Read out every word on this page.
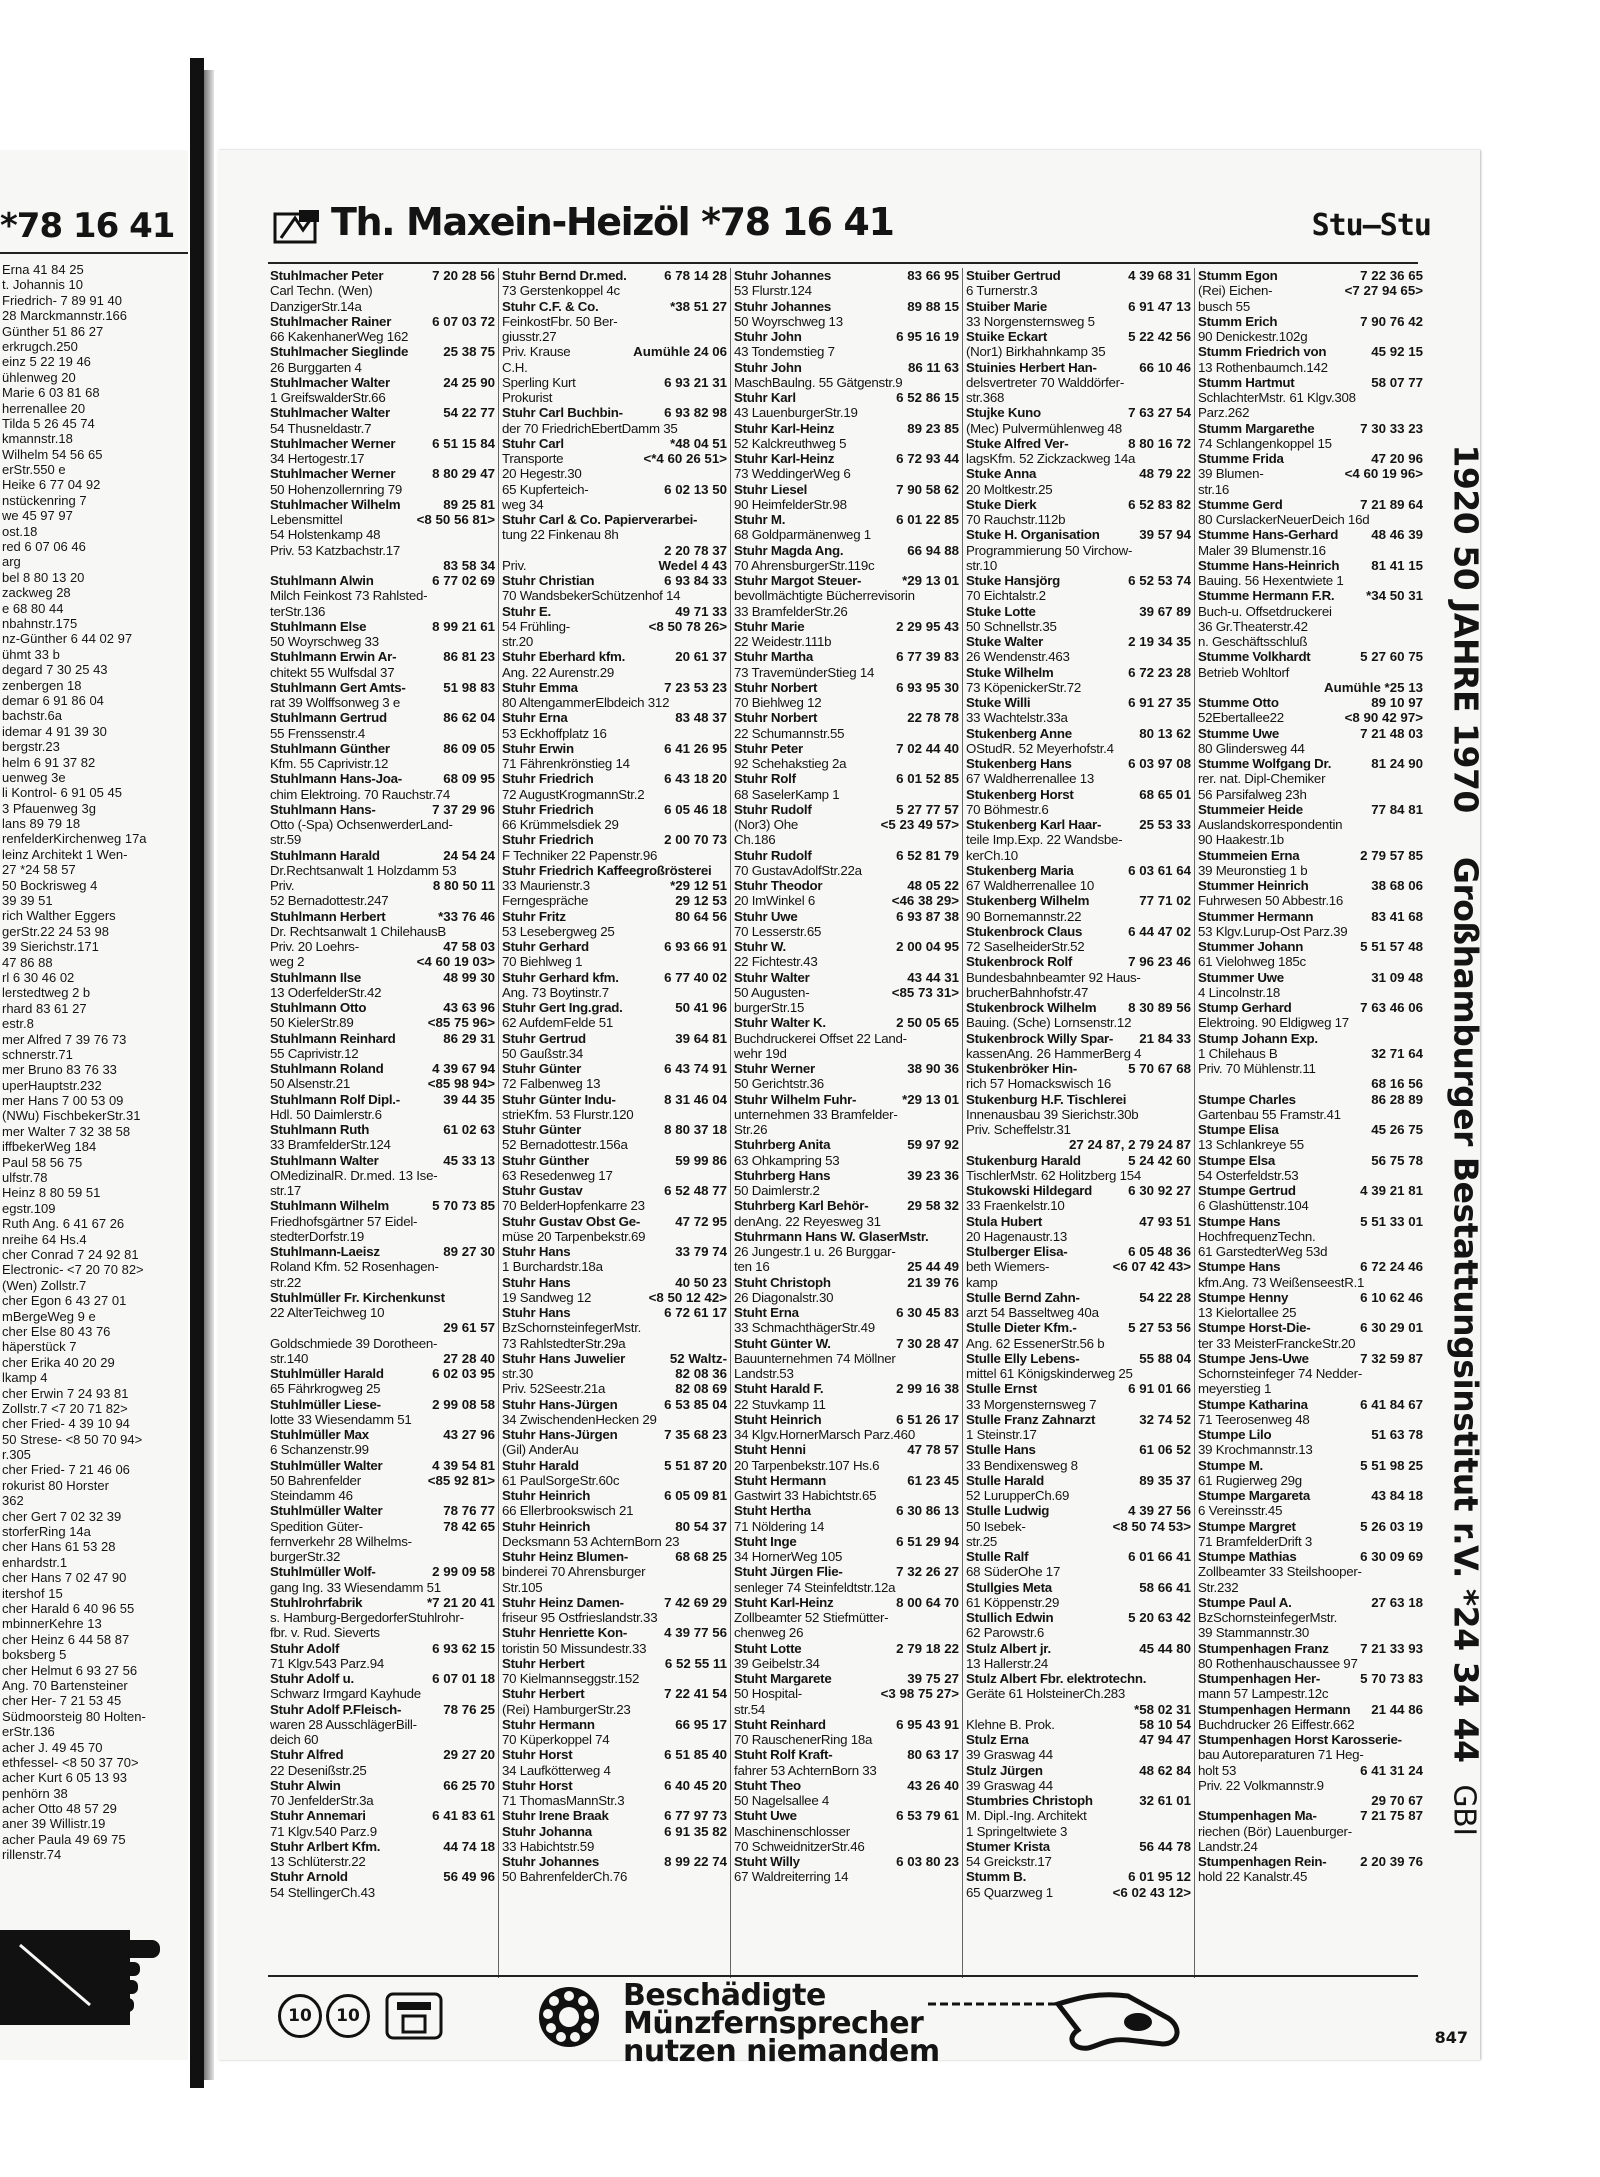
*78 16 41
Erna 41 84 25
t. Johannis 10
Friedrich- 7 89 91 40
28 Marckmannstr.166
Günther 51 86 27
erkrugch.250
einz 5 22 19 46
ühlenweg 20
Marie 6 03 81 68
herrenallee 20
Tilda 5 26 45 74
kmannstr.18
Wilhelm 54 56 65
erStr.550 e
Heike 6 77 04 92
nstückenring 7
we 45 97 97
ost.18
red 6 07 06 46
arg
bel 8 80 13 20
zackweg 28
e 68 80 44
nbahnstr.175
nz-Günther 6 44 02 97
ühmt 33 b
degard 7 30 25 43
zenbergen 18
demar 6 91 86 04
bachstr.6a
idemar 4 91 39 30
bergstr.23
helm 6 91 37 82
uenweg 3e
li Kontrol- 6 91 05 45
3 Pfauenweg 3g
lans 89 79 18
renfelderKirchenweg 17a
leinz Architekt 1 Wen-
27 *24 58 57
50 Bockrisweg 4
39 39 51
rich Walther Eggers
gerStr.22 24 53 98
39 Sierichstr.171
47 86 88
rl 6 30 46 02
lerstedtweg 2 b
rhard 83 61 27
estr.8
mer Alfred 7 39 76 73
schnerstr.71
mer Bruno 83 76 33
uperHauptstr.232
mer Hans 7 00 53 09
(NWu) FischbekerStr.31
mer Walter 7 32 38 58
iffbekerWeg 184
Paul 58 56 75
ulfstr.78
Heinz 8 80 59 51
egstr.109
Ruth Ang. 6 41 67 26
nreihe 64 Hs.4
cher Conrad 7 24 92 81
Electronic- <7 20 70 82>
(Wen) Zollstr.7
cher Egon 6 43 27 01
mBergeWeg 9 e
cher Else 80 43 76
häperstück 7
cher Erika 40 20 29
lkamp 4
cher Erwin 7 24 93 81
Zollstr.7 <7 20 71 82>
cher Fried- 4 39 10 94
50 Strese- <8 50 70 94>
r.305
cher Fried- 7 21 46 06
rokurist 80 Horster
362
cher Gert 7 02 32 39
storferRing 14a
cher Hans 61 53 28
enhardstr.1
cher Hans 7 02 47 90
itershof 15
cher Harald 6 40 96 55
mbinnerKehre 13
cher Heinz 6 44 58 87
boksberg 5
cher Helmut 6 93 27 56
Ang. 70 Bartensteiner
cher Her- 7 21 53 45
Südmoorsteig 80 Holten-
erStr.136
acher J. 49 45 70
ethfessel- <8 50 37 70>
acher Kurt 6 05 13 93
penhörn 38
acher Otto 48 57 29
aner 39 Willistr.19
acher Paula 49 69 75
rillenstr.74
Th. Maxein-Heizöl *78 16 41	Stu–Stu
Stuhlmacher Peter	7 20 28 56
Carl Techn. (Wen)
DanzigerStr.14a
Stuhlmacher Rainer	6 07 03 72
66 KakenhanerWeg 162
Stuhlmacher Sieglinde	25 38 75
26 Burggarten 4
Stuhlmacher Walter	24 25 90
1 GreifswalderStr.66
Stuhlmacher Walter	54 22 77
54 Thusneldastr.7
Stuhlmacher Werner	6 51 15 84
34 Hertogestr.17
Stuhlmacher Werner	8 80 29 47
50 Hohenzollernring 79
Stuhlmacher Wilhelm	89 25 81
Lebensmittel	<8 50 56 81>
54 Holstenkamp 48
Priv. 53 Katzbachstr.17
83 58 34
Stuhlmann Alwin	6 77 02 69
Milch Feinkost 73 Rahlsted-
terStr.136
Stuhlmann Else	8 99 21 61
50 Woyrschweg 33
Stuhlmann Erwin Ar-	86 81 23
chitekt 55 Wulfsdal 37
Stuhlmann Gert Amts-	51 98 83
rat 39 Wolffsonweg 3 e
Stuhlmann Gertrud	86 62 04
55 Frenssenstr.4
Stuhlmann Günther	86 09 05
Kfm. 55 Caprivistr.12
Stuhlmann Hans-Joa-	68 09 95
chim Elektroing. 70 Rauchstr.74
Stuhlmann Hans-	7 37 29 96
Otto (-Spa) OchsenwerderLand-
str.59
Stuhlmann Harald	24 54 24
Dr.Rechtsanwalt 1 Holzdamm 53
Priv.	8 80 50 11
52 Bernadottestr.247
Stuhlmann Herbert	*33 76 46
Dr. Rechtsanwalt 1 ChilehausB
Priv. 20 Loehrs-	47 58 03
weg 2	<4 60 19 03>
Stuhlmann Ilse	48 99 30
13 OderfelderStr.42
Stuhlmann Otto	43 63 96
50 KielerStr.89	<85 75 96>
Stuhlmann Reinhard	86 29 31
55 Caprivistr.12
Stuhlmann Roland	4 39 67 94
50 Alsenstr.21	<85 98 94>
Stuhlmann Rolf Dipl.-	39 44 35
Hdl. 50 Daimlerstr.6
Stuhlmann Ruth	61 02 63
33 BramfelderStr.124
Stuhlmann Walter	45 33 13
OMedizinalR. Dr.med. 13 Ise-
str.17
Stuhlmann Wilhelm	5 70 73 85
Friedhofsgärtner 57 Eidel-
stedterDorfstr.19
Stuhlmann-Laeisz	89 27 30
Roland Kfm. 52 Rosenhagen-
str.22
Stuhlmüller Fr. Kirchenkunst
22 AlterTeichweg 10
29 61 57
Goldschmiede 39 Dorotheen-
str.140	27 28 40
Stuhlmüller Harald	6 02 03 95
65 Fährkrogweg 25
Stuhlmüller Liese-	2 99 08 58
lotte 33 Wiesendamm 51
Stuhlmüller Max	43 27 96
6 Schanzenstr.99
Stuhlmüller Walter	4 39 54 81
50 Bahrenfelder	<85 92 81>
Steindamm 46
Stuhlmüller Walter	78 76 77
Spedition Güter-	78 42 65
fernverkehr 28 Wilhelms-
burgerStr.32
Stuhlmüller Wolf-	2 99 09 58
gang Ing. 33 Wiesendamm 51
Stuhlrohrfabrik	*7 21 20 41
s. Hamburg-BergedorferStuhlrohr-
fbr. v. Rud. Sieverts
Stuhr Adolf	6 93 62 15
71 Klgv.543 Parz.94
Stuhr Adolf u.	6 07 01 18
Schwarz Irmgard Kayhude
Stuhr Adolf P.Fleisch-	78 76 25
waren 28 AusschlägerBill-
deich 60
Stuhr Alfred	29 27 20
22 Desenißstr.25
Stuhr Alwin	66 25 70
70 JenfelderStr.3a
Stuhr Annemari	6 41 83 61
71 Klgv.540 Parz.9
Stuhr Arlbert Kfm.	44 74 18
13 Schlüterstr.22
Stuhr Arnold	56 49 96
54 StellingerCh.43
Stuhr Bernd Dr.med.	6 78 14 28
73 Gerstenkoppel 4c
Stuhr C.F. & Co.	*38 51 27
FeinkostFbr. 50 Ber-
giusstr.27
Priv. Krause	Aumühle 24 06
C.H.
Sperling Kurt	6 93 21 31
Prokurist
Stuhr Carl Buchbin-	6 93 82 98
der 70 FriedrichEbertDamm 35
Stuhr Carl	*48 04 51
Transporte	<*4 60 26 51>
20 Hegestr.30
65 Kupferteich-	6 02 13 50
weg 34
Stuhr Carl & Co. Papierverarbei-
tung 22 Finkenau 8h
2 20 78 37
Priv.	Wedel 4 43
Stuhr Christian	6 93 84 33
70 WandsbekerSchützenhof 14
Stuhr E.	49 71 33
54 Frühling-	<8 50 78 26>
str.20
Stuhr Eberhard kfm.	20 61 37
Ang. 22 Aurenstr.29
Stuhr Emma	7 23 53 23
80 AltengammerElbdeich 312
Stuhr Erna	83 48 37
53 Eckhoffplatz 16
Stuhr Erwin	6 41 26 95
71 Fährenkrönstieg 14
Stuhr Friedrich	6 43 18 20
72 AugustKrogmannStr.2
Stuhr Friedrich	6 05 46 18
66 Krümmelsdiek 29
Stuhr Friedrich	2 00 70 73
F Techniker 22 Papenstr.96
Stuhr Friedrich Kaffeegroßrösterei
33 Maurienstr.3	*29 12 51
Ferngespräche	29 12 53
Stuhr Fritz	80 64 56
53 Lesebergweg 25
Stuhr Gerhard	6 93 66 91
70 Biehlweg 1
Stuhr Gerhard kfm.	6 77 40 02
Ang. 73 Boytinstr.7
Stuhr Gert Ing.grad.	50 41 96
62 AufdemFelde 51
Stuhr Gertrud	39 64 81
50 Gaußstr.34
Stuhr Günter	6 43 74 91
72 Falbenweg 13
Stuhr Günter Indu-	8 31 46 04
strieKfm. 53 Flurstr.120
Stuhr Günter	8 80 37 18
52 Bernadottestr.156a
Stuhr Günther	59 99 86
63 Resedenweg 17
Stuhr Gustav	6 52 48 77
70 BelderHopfenkarre 23
Stuhr Gustav Obst Ge-	47 72 95
müse 20 Tarpenbekstr.69
Stuhr Hans	33 79 74
1 Burchardstr.18a
Stuhr Hans	40 50 23
19 Sandweg 12	<8 50 12 42>
Stuhr Hans	6 72 61 17
BzSchornsteinfegerMstr.
73 RahlstedterStr.29a
Stuhr Hans Juwelier	52 Waltz-
str.30	82 08 36
Priv. 52Seestr.21a	82 08 69
Stuhr Hans-Jürgen	6 53 85 04
34 ZwischendenHecken 29
Stuhr Hans-Jürgen	7 35 68 23
(Gil) AnderAu
Stuhr Harald	5 51 87 20
61 PaulSorgeStr.60c
Stuhr Heinrich	6 05 09 81
66 Ellerbrookswisch 21
Stuhr Heinrich	80 54 37
Decksmann 53 AchternBorn 23
Stuhr Heinz Blumen-	68 68 25
binderei 70 Ahrensburger
Str.105
Stuhr Heinz Damen-	7 42 69 29
friseur 95 Ostfrieslandstr.33
Stuhr Henriette Kon-	4 39 77 56
toristin 50 Missundestr.33
Stuhr Herbert	6 52 55 11
70 Kielmannseggstr.152
Stuhr Herbert	7 22 41 54
(Rei) HamburgerStr.23
Stuhr Hermann	66 95 17
70 Küperkoppel 74
Stuhr Horst	6 51 85 40
34 Laufkötterweg 4
Stuhr Horst	6 40 45 20
71 ThomasMannStr.3
Stuhr Irene Braak	6 77 97 73
Stuhr Johanna	6 91 35 82
33 Habichtstr.59
Stuhr Johannes	8 99 22 74
50 BahrenfelderCh.76
Stuhr Johannes	83 66 95
53 Flurstr.124
Stuhr Johannes	89 88 15
50 Woyrschweg 13
Stuhr John	6 95 16 19
43 Tondemstieg 7
Stuhr John	86 11 63
MaschBaulng. 55 Gätgenstr.9
Stuhr Karl	6 52 86 15
43 LauenburgerStr.19
Stuhr Karl-Heinz	89 23 85
52 Kalckreuthweg 5
Stuhr Karl-Heinz	6 72 93 44
73 WeddingerWeg 6
Stuhr Liesel	7 90 58 62
90 HeimfelderStr.98
Stuhr M.	6 01 22 85
68 Goldparmänenweg 1
Stuhr Magda Ang.	66 94 88
70 AhrensburgerStr.119c
Stuhr Margot Steuer-	*29 13 01
bevollmächtigte Bücherrevisorin
33 BramfelderStr.26
Stuhr Marie	2 29 95 43
22 Weidestr.111b
Stuhr Martha	6 77 39 83
73 TravemünderStieg 14
Stuhr Norbert	6 93 95 30
70 Biehlweg 12
Stuhr Norbert	22 78 78
22 Schumannstr.55
Stuhr Peter	7 02 44 40
92 Schehakstieg 2a
Stuhr Rolf	6 01 52 85
68 SaselerKamp 1
Stuhr Rudolf	5 27 77 57
(Nor3) Ohe	<5 23 49 57>
Ch.186
Stuhr Rudolf	6 52 81 79
70 GustavAdolfStr.22a
Stuhr Theodor	48 05 22
20 ImWinkel 6	<46 38 29>
Stuhr Uwe	6 93 87 38
70 Lesserstr.65
Stuhr W.	2 00 04 95
22 Fichtestr.43
Stuhr Walter	43 44 31
50 Augusten-	<85 73 31>
burgerStr.15
Stuhr Walter K.	2 50 05 65
Buchdruckerei Offset 22 Land-
wehr 19d
Stuhr Werner	38 90 36
50 Gerichtstr.36
Stuhr Wilhelm Fuhr-	*29 13 01
unternehmen 33 Bramfelder-
Str.26
Stuhrberg Anita	59 97 92
63 Ohkampring 53
Stuhrberg Hans	39 23 36
50 Daimlerstr.2
Stuhrberg Karl Behör-	29 58 32
denAng. 22 Reyesweg 31
Stuhrmann Hans W. GlaserMstr.
26 Jungestr.1 u. 26 Burggar-
ten 16	25 44 49
Stuht Christoph	21 39 76
26 Diagonalstr.30
Stuht Erna	6 30 45 83
33 SchmachthägerStr.49
Stuht Günter W.	7 30 28 47
Bauunternehmen 74 Möllner
Landstr.53
Stuht Harald F.	2 99 16 38
22 Stuvkamp 11
Stuht Heinrich	6 51 26 17
34 Klgv.HornerMarsch Parz.460
Stuht Henni	47 78 57
20 Tarpenbekstr.107 Hs.6
Stuht Hermann	61 23 45
Gastwirt 33 Habichtstr.65
Stuht Hertha	6 30 86 13
71 Nöldering 14
Stuht Inge	6 51 29 94
34 HornerWeg 105
Stuht Jürgen Flie-	7 32 26 27
senleger 74 Steinfeldtstr.12a
Stuht Karl-Heinz	8 00 64 70
Zollbeamter 52 Stiefmütter-
chenweg 26
Stuht Lotte	2 79 18 22
39 Geibelstr.34
Stuht Margarete	39 75 27
50 Hospital-	<3 98 75 27>
str.54
Stuht Reinhard	6 95 43 91
70 RauschenerRing 18a
Stuht Rolf Kraft-	80 63 17
fahrer 53 AchternBorn 33
Stuht Theo	43 26 40
50 Nagelsallee 4
Stuht Uwe	6 53 79 61
Maschinenschlosser
70 SchweidnitzerStr.46
Stuht Willy	6 03 80 23
67 Waldreiterring 14
Stuiber Gertrud	4 39 68 31
6 Turnerstr.3
Stuiber Marie	6 91 47 13
33 Norgensternsweg 5
Stuike Eckart	5 22 42 56
(Nor1) Birkhahnkamp 35
Stuinies Herbert Han-	66 10 46
delsvertreter 70 Walddörfer-
str.368
Stujke Kuno	7 63 27 54
(Mec) Pulvermühlenweg 48
Stuke Alfred Ver-	8 80 16 72
lagsKfm. 52 Zickzackweg 14a
Stuke Anna	48 79 22
20 Moltkestr.25
Stuke Dierk	6 52 83 82
70 Rauchstr.112b
Stuke H. Organisation	39 57 94
Programmierung 50 Virchow-
str.10
Stuke Hansjörg	6 52 53 74
70 Eichtalstr.2
Stuke Lotte	39 67 89
50 Schnellstr.35
Stuke Walter	2 19 34 35
26 Wendenstr.463
Stuke Wilhelm	6 72 23 28
73 KöpenickerStr.72
Stuke Willi	6 91 27 35
33 Wachtelstr.33a
Stukenberg Anne	80 13 62
OStudR. 52 Meyerhofstr.4
Stukenberg Hans	6 03 97 08
67 Waldherrenallee 13
Stukenberg Horst	68 65 01
70 Böhmestr.6
Stukenberg Karl Haar-	25 53 33
teile Imp.Exp. 22 Wandsbe-
kerCh.10
Stukenberg Maria	6 03 61 64
67 Waldherrenallee 10
Stukenberg Wilhelm	77 71 02
90 Bornemannstr.22
Stukenbrock Claus	6 44 47 02
72 SaselheiderStr.52
Stukenbrock Rolf	7 96 23 46
Bundesbahnbeamter 92 Haus-
brucherBahnhofstr.47
Stukenbrock Wilhelm 8 30 89 56
Bauing. (Sche) Lornsenstr.12
Stukenbrock Willy Spar- 21 84 33
kassenAng. 26 HammerBerg 4
Stukenbröker Hin-	5 70 67 68
rich 57 Homackswisch 16
Stukenburg H.F. Tischlerei
Innenausbau 39 Sierichstr.30b
Priv. Scheffelstr.31
27 24 87, 2 79 24 87
Stukenburg Harald	5 24 42 60
TischlerMstr. 62 Holitzberg 154
Stukowski Hildegard	6 30 92 27
33 Fraenkelstr.10
Stula Hubert	47 93 51
20 Hagenaustr.13
Stulberger Elisa-	6 05 48 36
beth Wiemers-	<6 07 42 43>
kamp
Stulle Bernd Zahn-	54 22 28
arzt 54 Basseltweg 40a
Stulle Dieter Kfm.-	5 27 53 56
Ang. 62 EssenerStr.56 b
Stulle Elly Lebens-	55 88 04
mittel 61 Königskinderweg 25
Stulle Ernst	6 91 01 66
33 Morgensternsweg 7
Stulle Franz Zahnarzt	32 74 52
1 Steinstr.17
Stulle Hans	61 06 52
33 Bendixensweg 8
Stulle Harald	89 35 37
52 LurupperCh.69
Stulle Ludwig	4 39 27 56
50 Isebek-	<8 50 74 53>
str.25
Stulle Ralf	6 01 66 41
68 SüderOhe 17
Stullgies Meta	58 66 41
61 Köppenstr.29
Stullich Edwin	5 20 63 42
62 Parowstr.6
Stulz Albert jr.	45 44 80
13 Hallerstr.24
Stulz Albert Fbr. elektrotechn.
Geräte 61 HolsteinerCh.283
*58 02 31
Klehne B. Prok.	58 10 54
Stulz Erna	47 94 47
39 Graswag 44
Stulz Jürgen	48 62 84
39 Graswag 44
Stumbries Christoph	32 61 01
M. Dipl.-Ing. Architekt
1 Springeltwiete 3
Stumer Krista	56 44 78
54 Greickstr.17
Stumm B.	6 01 95 12
65 Quarzweg 1	<6 02 43 12>
Stumm Egon	7 22 36 65
(Rei) Eichen-	<7 27 94 65>
busch 55
Stumm Erich	7 90 76 42
90 Denickestr.102g
Stumm Friedrich von	45 92 15
13 Rothenbaumch.142
Stumm Hartmut	58 07 77
SchlachterMstr. 61 Klgv.308
Parz.262
Stumm Margarethe	7 30 33 23
74 Schlangenkoppel 15
Stumme Frida	47 20 96
39 Blumen-	<4 60 19 96>
str.16
Stumme Gerd	7 21 89 64
80 CurslackerNeuerDeich 16d
Stumme Hans-Gerhard 48 46 39
Maler 39 Blumenstr.16
Stumme Hans-Heinrich 81 41 15
Bauing. 56 Hexentwiete 1
Stumme Hermann F.R. *34 50 31
Buch-u. Offsetdruckerei
36 Gr.Theaterstr.42
n. Geschäftsschluß
Stumme Volkhardt	5 27 60 75
Betrieb Wohltorf
Aumühle *25 13
Stumme Otto	89 10 97
52Ebertallee22	<8 90 42 97>
Stumme Uwe	7 21 48 03
80 Glindersweg 44
Stumme Wolfgang Dr.	81 24 90
rer. nat. Dipl-Chemiker
56 Parsifalweg 23h
Stummeier Heide	77 84 81
Auslandskorrespondentin
90 Haakestr.1b
Stummeien Erna	2 79 57 85
39 Meuronstieg 1 b
Stummer Heinrich	38 68 06
Fuhrwesen 50 Abbestr.16
Stummer Hermann	83 41 68
53 Klgv.Lurup-Ost Parz.39
Stummer Johann	5 51 57 48
61 Vielohweg 185c
Stummer Uwe	31 09 48
4 Lincolnstr.18
Stump Gerhard	7 63 46 06
Elektroing. 90 Eldigweg 17
Stump Johann Exp.
1 Chilehaus B	32 71 64
Priv. 70 Mühlenstr.11
68 16 56
Stumpe Charles	86 28 89
Gartenbau 55 Framstr.41
Stumpe Elisa	45 26 75
13 Schlankreye 55
Stumpe Elsa	56 75 78
54 Osterfeldstr.53
Stumpe Gertrud	4 39 21 81
6 Glashüttenstr.104
Stumpe Hans	5 51 33 01
HochfrequenzTechn.
61 GarstedterWeg 53d
Stumpe Hans	6 72 24 46
kfm.Ang. 73 WeißenseestR.1
Stumpe Henny	6 10 62 46
13 Kielortallee 25
Stumpe Horst-Die-	6 30 29 01
ter 33 MeisterFranckeStr.20
Stumpe Jens-Uwe	7 32 59 87
Schornsteinfeger 74 Nedder-
meyerstieg 1
Stumpe Katharina	6 41 84 67
71 Teerosenweg 48
Stumpe Lilo	51 63 78
39 Krochmannstr.13
Stumpe M.	5 51 98 25
61 Rugierweg 29g
Stumpe Margareta	43 84 18
6 Vereinsstr.45
Stumpe Margret	5 26 03 19
71 BramfelderDrift 3
Stumpe Mathias	6 30 09 69
Zollbeamter 33 Steilshooper-
Str.232
Stumpe Paul A.	27 63 18
BzSchornsteinfegerMstr.
39 Stammannstr.30
Stumpenhagen Franz 7 21 33 93
80 Rothenhauschaussee 97
Stumpenhagen Her-	5 70 73 83
mann 57 Lampestr.12c
Stumpenhagen Hermann 21 44 86
Buchdrucker 26 Eiffestr.662
Stumpenhagen Horst Karosserie-
bau Autoreparaturen 71 Heg-
holt 53	6 41 31 24
Priv. 22 Volkmannstr.9
29 70 67
Stumpenhagen Ma-	7 21 75 87
riechen (Bör) Lauenburger-
Landstr.24
Stumpenhagen Rein-	2 20 39 76
hold 22 Kanalstr.45
1920 50 JAHRE 1970    Großhamburger Bestattungsinstitut r.V. *24 34 44  GBI
10	10
Beschädigte
Münzfernsprecher
nutzen niemandem	847
